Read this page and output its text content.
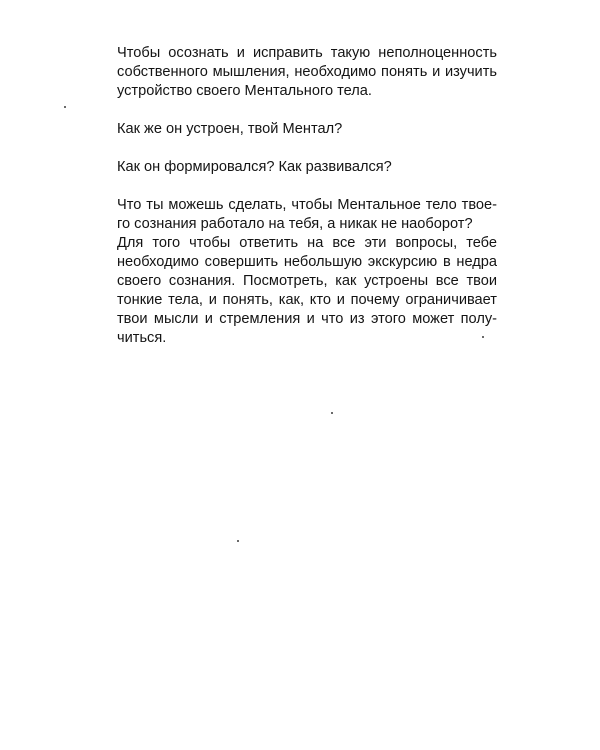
Чтобы осознать и исправить такую неполноценность
собственного мышления, необходимо понять и изучить
устройство своего Ментального тела.

Как же он устроен, твой Ментал?

Как он формировался? Как развивался?

Что ты можешь сделать, чтобы Ментальное тело твое-
го сознания работало на тебя, а никак не наоборот?

Для того чтобы ответить на все эти вопросы, тебе
необходимо совершить небольшую экскурсию в недра
своего сознания. Посмотреть, как устроены все твои
тонкие тела, и понять, как, кто и почему ограничивает
твои мысли и стремления и что из этого может полу-
читься.
